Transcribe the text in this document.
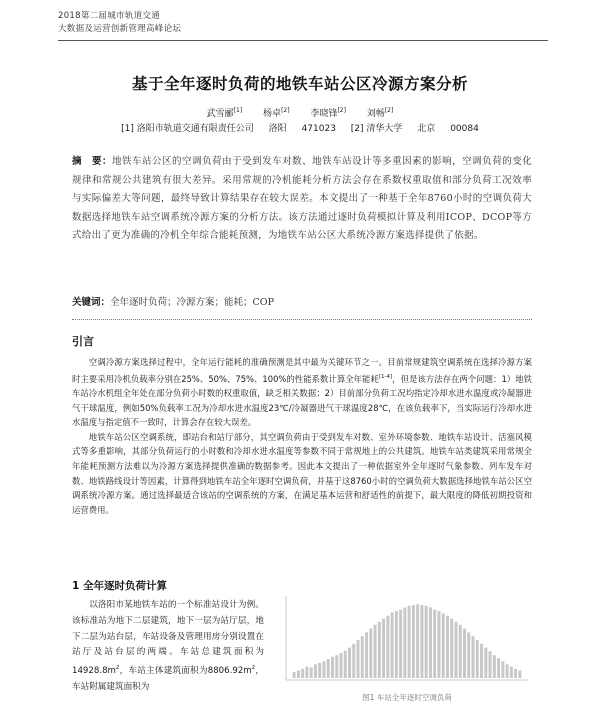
2018第二届城市轨道交通
大数据及运营创新管理高峰论坛
基于全年逐时负荷的地铁车站公区冷源方案分析
武雪郦[1] 杨卓[2] 李晓锋[2] 刘畅[2]
[1] 洛阳市轨道交通有限责任公司 洛阳 471023 [2] 清华大学 北京 00084
摘　要：地铁车站公区的空调负荷由于受到发车对数、地铁车站设计等多重因素的影响，空调负荷的变化规律和常规公共建筑有很大差异。采用常规的冷机能耗分析方法会存在系数权重取值和部分负荷工况效率与实际偏差大等问题，最终导致计算结果存在较大误差。本文提出了一种基于全年8760小时的空调负荷大数据选择地铁车站空调系统冷源方案的分析方法。该方法通过逐时负荷模拟计算及利用ICOP、DCOP等方式给出了更为准确的冷机全年综合能耗预测，为地铁车站公区大系统冷源方案选择提供了依据。
关键词：全年逐时负荷；冷源方案；能耗；COP
引言

空调冷源方案选择过程中，全年运行能耗的准确预测是其中最为关键环节之一。目前常规建筑空调系统在选择冷源方案时主要采用冷机负载率分别在25%、50%、75%、100%的性能系数计算全年能耗[1-4]，但是该方法存在两个问题：1）地铁车站冷水机组全年处在部分负荷小时数的权重取值，缺乏相关数据；2）目前部分负荷工况均指定冷却水进水温度或冷凝器进气干球温度，例如50%负载率工况为冷却水进水温度23℃/冷凝器进气干球温度28℃，在该负载率下，当实际运行冷却水进水温度与指定值不一致时，计算会存在较大误差。

地铁车站公区空调系统，即站台和站厅部分，其空调负荷由于受到发车对数、室外环境参数、地铁车站设计、活塞风模式等多重影响，其部分负荷运行的小时数和冷却水进水温度等参数不同于常规地上的公共建筑。地铁车站类建筑采用常规全年能耗预测方法难以为冷源方案选择提供准确的数据参考。因此本文提出了一种依据室外全年逐时气象参数、列车发车对数、地铁路线设计等因素，计算得到地铁车站全年逐时空调负荷，并基于这8760小时的空调负荷大数据选择地铁车站公区空调系统冷源方案。通过选择最适合该站的空调系统的方案，在满足基本运营和舒适性的前提下，最大限度的降低初期投资和运营费用。

1 全年逐时负荷计算

以洛阳市某地铁车站的一个标准站设计为例。该标准站为地下二层建筑，地下一层为站厅层，地下二层为站台层，车站设备及管理用房分别设置在站厅及站台层的两端。车站总建筑面积为$14928.8m^2$，车站主体建筑面积为$8806.92m^2$，车站附属建筑面积为

图1 车站全年逐时空调负荷
